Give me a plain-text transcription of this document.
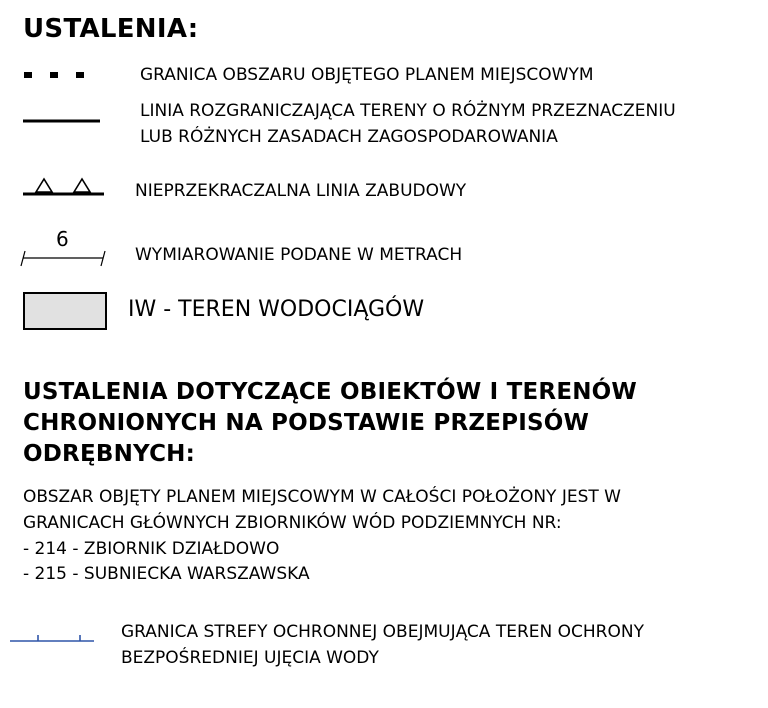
USTALENIA:
GRANICA OBSZARU OBJĘTEGO PLANEM MIEJSCOWYM
LINIA ROZGRANICZAJĄCA TERENY O RÓŻNYM PRZEZNACZENIU
LUB RÓŻNYCH ZASADACH ZAGOSPODAROWANIA
NIEPRZEKRACZALNA LINIA ZABUDOWY
6
WYMIAROWANIE PODANE W METRACH
IW - TEREN WODOCIĄGÓW
USTALENIA DOTYCZĄCE OBIEKTÓW I TERENÓW
CHRONIONYCH NA PODSTAWIE PRZEPISÓW
ODRĘBNYCH:
OBSZAR OBJĘTY PLANEM MIEJSCOWYM W CAŁOŚCI POŁOŻONY JEST W
GRANICACH GŁÓWNYCH ZBIORNIKÓW WÓD PODZIEMNYCH NR:
- 214 - ZBIORNIK DZIAŁDOWO
- 215 - SUBNIECKA WARSZAWSKA
GRANICA STREFY OCHRONNEJ OBEJMUJĄCA TEREN OCHRONY
BEZPOŚREDNIEJ UJĘCIA WODY
